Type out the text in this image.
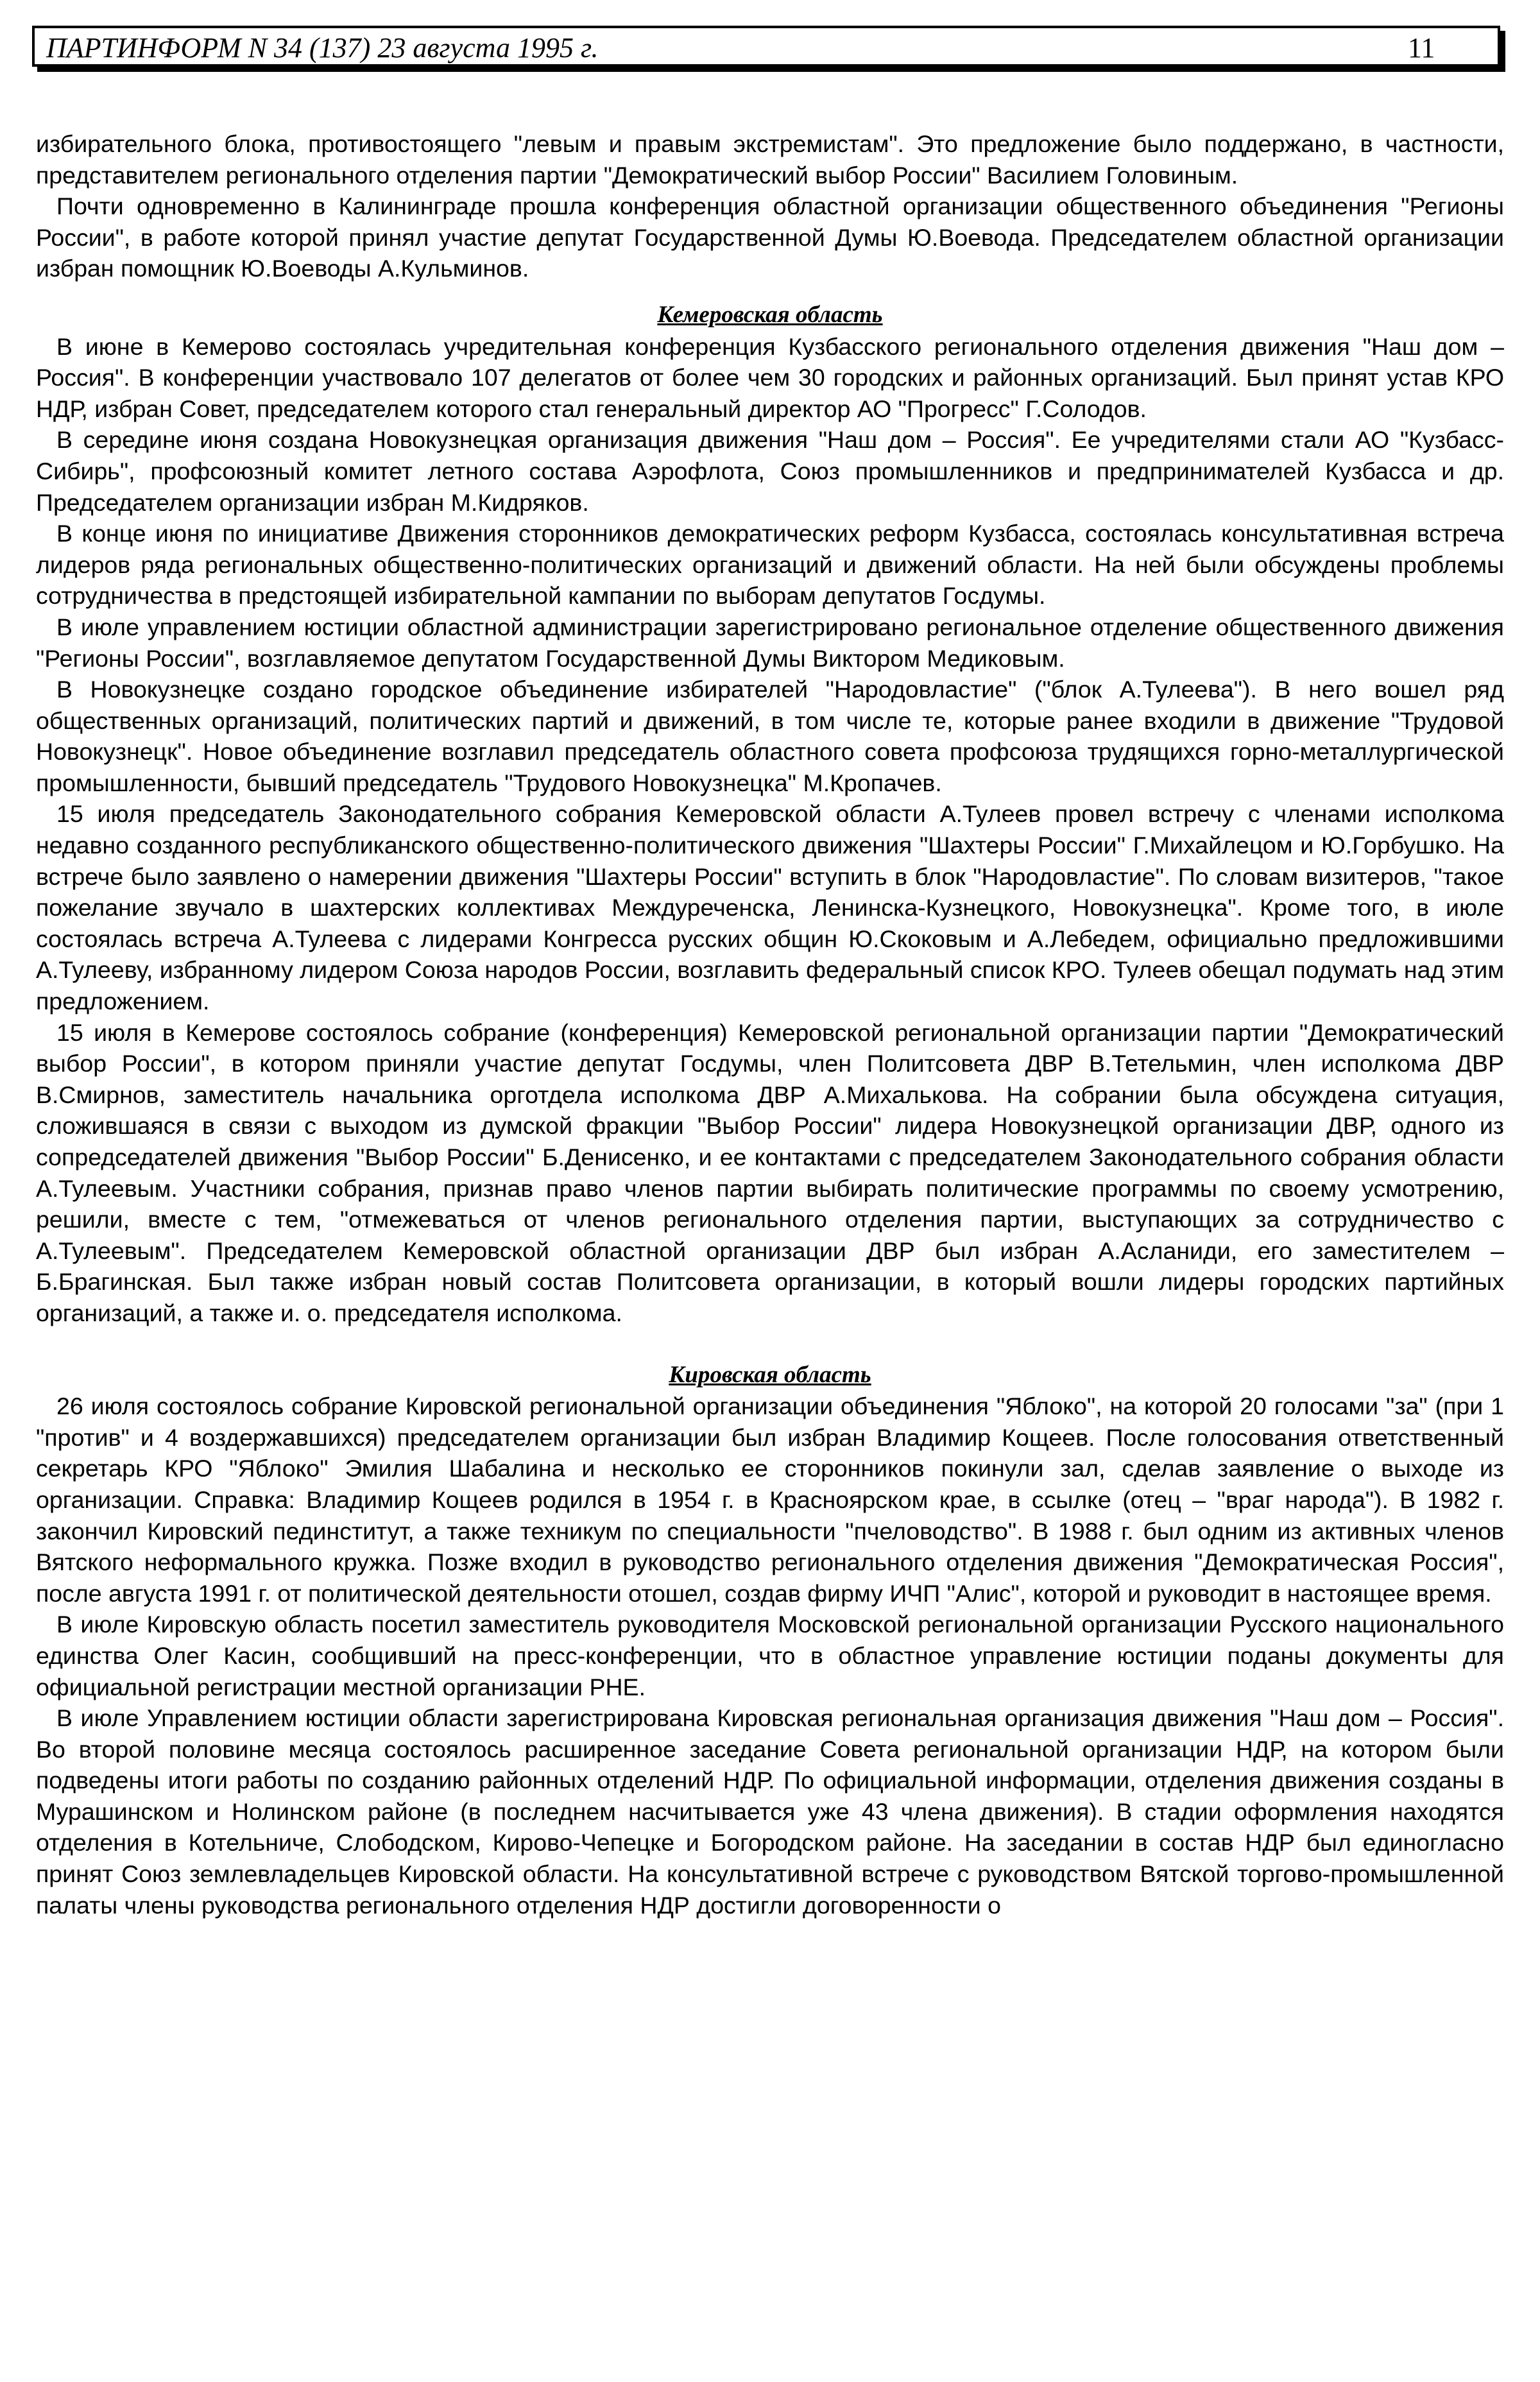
ПАРТИНФОРМ N 34 (137) 23 августа 1995 г.	11

избирательного блока, противостоящего "левым и правым экстремистам". Это предложение было поддержано, в частности, представителем регионального отделения партии "Демократический выбор России" Василием Головиным.

Почти одновременно в Калининграде прошла конференция областной организации общественного объединения "Регионы России", в работе которой принял участие депутат Государственной Думы Ю.Воевода. Председателем областной организации избран помощник Ю.Воеводы А.Кульминов.

Кемеровская область

В июне в Кемерово состоялась учредительная конференция Кузбасского регионального отделения движения "Наш дом – Россия". В конференции участвовало 107 делегатов от более чем 30 городских и районных организаций. Был принят устав КРО НДР, избран Совет, председателем которого стал генеральный директор АО "Прогресс" Г.Солодов.

В середине июня создана Новокузнецкая организация движения "Наш дом – Россия". Ее учредителями стали АО "Кузбасс-Сибирь", профсоюзный комитет летного состава Аэрофлота, Союз промышленников и предпринимателей Кузбасса и др. Председателем организации избран М.Кидряков.

В конце июня по инициативе Движения сторонников демократических реформ Кузбасса, состоялась консультативная встреча лидеров ряда региональных общественно-политических организаций и движений области. На ней были обсуждены проблемы сотрудничества в предстоящей избирательной кампании по выборам депутатов Госдумы.

В июле управлением юстиции областной администрации зарегистрировано региональное отделение общественного движения "Регионы России", возглавляемое депутатом Государственной Думы Виктором Медиковым.

В Новокузнецке создано городское объединение избирателей "Народовластие" ("блок А.Тулеева"). В него вошел ряд общественных организаций, политических партий и движений, в том числе те, которые ранее входили в движение "Трудовой Новокузнецк". Новое объединение возглавил председатель областного совета профсоюза трудящихся горно-металлургической промышленности, бывший председатель "Трудового Новокузнецка" М.Кропачев.

15 июля председатель Законодательного собрания Кемеровской области А.Тулеев провел встречу с членами исполкома недавно созданного республиканского общественно-политического движения "Шахтеры России" Г.Михайлецом и Ю.Горбушко. На встрече было заявлено о намерении движения "Шахтеры России" вступить в блок "Народовластие". По словам визитеров, "такое пожелание звучало в шахтерских коллективах Междуреченска, Ленинска-Кузнецкого, Новокузнецка". Кроме того, в июле состоялась встреча А.Тулеева с лидерами Конгресса русских общин Ю.Скоковым и А.Лебедем, официально предложившими А.Тулееву, избранному лидером Союза народов России, возглавить федеральный список КРО. Тулеев обещал подумать над этим предложением.

15 июля в Кемерове состоялось собрание (конференция) Кемеровской региональной организации партии "Демократический выбор России", в котором приняли участие депутат Госдумы, член Политсовета ДВР В.Тетельмин, член исполкома ДВР В.Смирнов, заместитель начальника орготдела исполкома ДВР А.Михалькова. На собрании была обсуждена ситуация, сложившаяся в связи с выходом из думской фракции "Выбор России" лидера Новокузнецкой организации ДВР, одного из сопредседателей движения "Выбор России" Б.Денисенко, и ее контактами с председателем Законодательного собрания области А.Тулеевым. Участники собрания, признав право членов партии выбирать политические программы по своему усмотрению, решили, вместе с тем, "отмежеваться от членов регионального отделения партии, выступающих за сотрудничество с А.Тулеевым". Председателем Кемеровской областной организации ДВР был избран А.Асланиди, его заместителем – Б.Брагинская. Был также избран новый состав Политсовета организации, в который вошли лидеры городских партийных организаций, а также и. о. председателя исполкома.

Кировская область

26 июля состоялось собрание Кировской региональной организации объединения "Яблоко", на которой 20 голосами "за" (при 1 "против" и 4 воздержавшихся) председателем организации был избран Владимир Кощеев. После голосования ответственный секретарь КРО "Яблоко" Эмилия Шабалина и несколько ее сторонников покинули зал, сделав заявление о выходе из организации. Справка: Владимир Кощеев родился в 1954 г. в Красноярском крае, в ссылке (отец – "враг народа"). В 1982 г. закончил Кировский пединститут, а также техникум по специальности "пчеловодство". В 1988 г. был одним из активных членов Вятского неформального кружка. Позже входил в руководство регионального отделения движения "Демократическая Россия", после августа 1991 г. от политической деятельности отошел, создав фирму ИЧП "Алис", которой и руководит в настоящее время.

В июле Кировскую область посетил заместитель руководителя Московской региональной организации Русского национального единства Олег Касин, сообщивший на пресс-конференции, что в областное управление юстиции поданы документы для официальной регистрации местной организации РНЕ.

В июле Управлением юстиции области зарегистрирована Кировская региональная организация движения "Наш дом – Россия". Во второй половине месяца состоялось расширенное заседание Совета региональной организации НДР, на котором были подведены итоги работы по созданию районных отделений НДР. По официальной информации, отделения движения созданы в Мурашинском и Нолинском районе (в последнем насчитывается уже 43 члена движения). В стадии оформления находятся отделения в Котельниче, Слободском, Кирово-Чепецке и Богородском районе. На заседании в состав НДР был единогласно принят Союз землевладельцев Кировской области. На консультативной встрече с руководством Вятской торгово-промышленной палаты члены руководства регионального отделения НДР достигли договоренности о
